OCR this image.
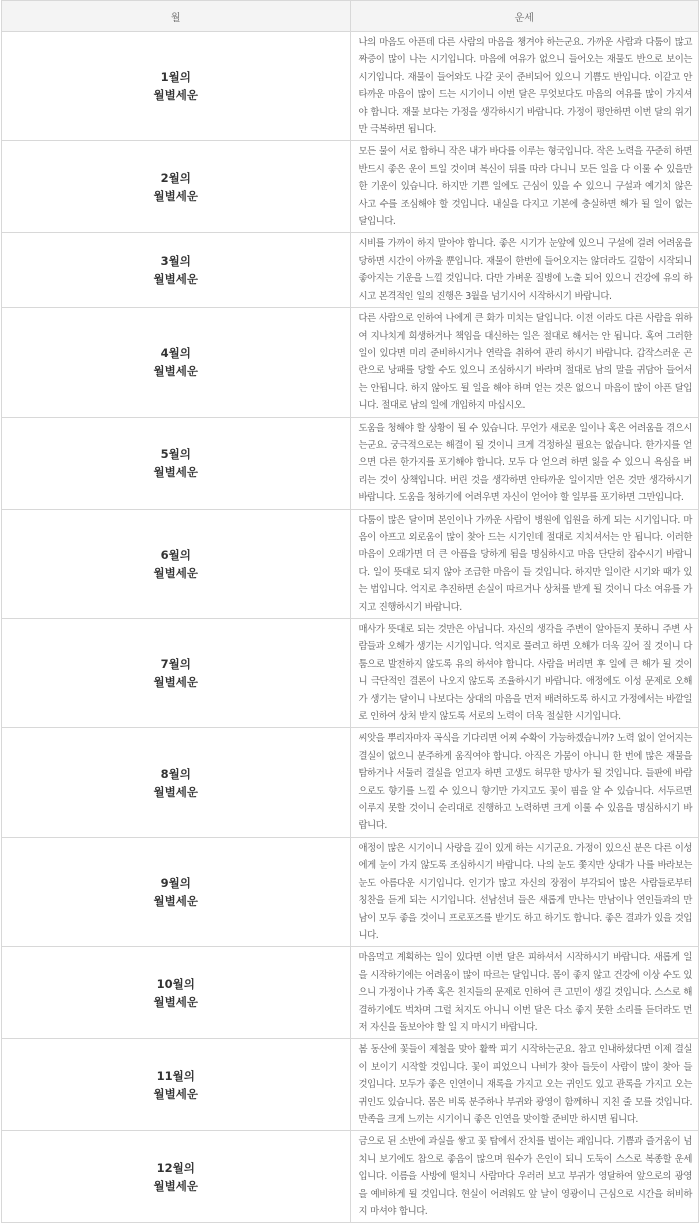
월	운세

1월의
월별세운	나의 마음도 아픈데 다른 사람의 마음을 챙겨야 하는군요. 가까운 사람과 다툼이 많고 짜증이 많이 나는 시기입니다. 마음에 여유가 없으니 들어오는 재물도 반으로 보이는 시기입니다. 재물이 들어와도 나갈 곳이 준비되어 있으니 기쁨도 반입니다. 이같고 안타까운 마음이 많이 드는 시기이니 이번 달은 무엇보다도 마음의 여유를 많이 가지셔야 합니다. 재물 보다는 가정을 생각하시기 바랍니다. 가정이 평안하면 이번 달의 위기만 극복하면 됩니다.

2월의
월별세운	모든 물이 서로 합하니 작은 내가 바다를 이루는 형국입니다. 작은 노력을 꾸준히 하면 반드시 좋은 운이 트일 것이며 복신이 뒤를 따라 다니니 모든 일을 다 이룰 수 있을만한 기운이 있습니다. 하지만 기쁜 일에도 근심이 있을 수 있으니 구설과 예기치 않은 사고 수를 조심해야 할 것입니다. 내실을 다지고 기본에 충실하면 해가 될 일이 없는 달입니다.

3월의
월별세운	시비를 가까이 하지 말아야 합니다. 좋은 시기가 눈앞에 있으니 구설에 걸려 어려움을 당하면 시간이 아까울 뿐입니다. 재물이 한번에 들어오지는 않더라도 길함이 시작되니 좋아지는 기운을 느낄 것입니다. 다만 가벼운 질병에 노출 되어 있으니 건강에 유의 하시고 본격적인 일의 진행은 3월을 넘기시어 시작하시기 바랍니다.

4월의
월별세운	다른 사람으로 인하여 나에게 큰 화가 미치는 달입니다. 이전 이라도 다른 사람을 위하여 지나치게 희생하거나 책임을 대신하는 일은 절대로 해서는 안 됩니다. 혹여 그러한 일이 있다면 미리 준비하시거나 연락을 취하여 관리 하시기 바랍니다. 갑작스러운 곤란으로 낭패를 당할 수도 있으니 조심하시기 바라며 절대로 남의 말을 귀담아 들어서는 안됩니다. 하지 않아도 될 일을 해야 하며 얻는 것은 없으니 마음이 많이 아픈 달입니다. 절대로 남의 일에 개입하지 마십시오.

5월의
월별세운	도움을 청해야 할 상황이 될 수 있습니다. 무언가 새로운 일이나 혹은 어려움을 겪으시는군요. 궁극적으로는 해결이 될 것이니 크게 걱정하실 필요는 없습니다. 한가지를 얻으면 다른 한가지를 포기해야 합니다. 모두 다 얻으려 하면 잃을 수 있으니 욕심을 버리는 것이 상책입니다. 버린 것을 생각하면 안타까운 일이지만 얻은 것만 생각하시기 바랍니다. 도움을 청하기에 어려우면 자신이 얻어야 할 일부를 포기하면 그만입니다.

6월의
월별세운	다툼이 많은 달이며 본인이나 가까운 사람이 병원에 입원을 하게 되는 시기입니다. 마음이 아프고 외로움이 많이 찾아 드는 시기인데 절대로 지치셔서는 안 됩니다. 이러한 마음이 오래가면 더 큰 아픔을 당하게 됨을 명심하시고 마음 단단히 잡수시기 바랍니다. 일이 뜻대로 되지 않아 조급한 마음이 들 것입니다. 하지만 일이란 시기와 때가 있는 법입니다. 억지로 추진하면 손실이 따르거나 상처를 받게 될 것이니 다소 여유를 가지고 진행하시기 바랍니다.

7월의
월별세운	매사가 뜻대로 되는 것만은 아닙니다. 자신의 생각을 주변이 알아듣지 못하니 주변 사람들과 오해가 생기는 시기입니다. 억지로 풀려고 하면 오해가 더욱 깊어 질 것이니 다툼으로 발전하지 않도록 유의 하셔야 합니다. 사람을 버리면 후 일에 큰 해가 될 것이니 극단적인 결론이 나오지 않도록 조율하시기 바랍니다. 애정에도 이성 문제로 오해가 생기는 달이니 나보다는 상대의 마음을 먼저 배려하도록 하시고 가정에서는 바깥일로 인하여 상처 받지 않도록 서로의 노력이 더욱 절실한 시기입니다.

8월의
월별세운	씨앗을 뿌리자마자 곡식을 기다리면 어찌 수확이 가능하겠습니까? 노력 없이 얻어지는 결실이 없으니 분주하게 움직여야 합니다. 아직은 가뭄이 아니니 한 번에 많은 재물을 탐하거나 서둘러 결실을 얻고자 하면 고생도 허무한 망사가 될 것입니다. 들판에 바람으로도 향기를 느낄 수 있으니 향기만 가지고도 꽃이 핌을 알 수 있습니다. 서두르면 이루지 못할 것이니 순리대로 진행하고 노력하면 크게 이룰 수 있음을 명심하시기 바랍니다.

9월의
월별세운	애정이 많은 시기이니 사랑을 깊이 있게 하는 시기군요. 가정이 있으신 분은 다른 이성에게 눈이 가지 않도록 조심하시기 바랍니다. 나의 눈도 쫓지만 상대가 나를 바라보는 눈도 아름다운 시기입니다. 인기가 많고 자신의 장점이 부각되어 많은 사람들로부터 칭찬을 듣게 되는 시기입니다. 선남선녀 들은 새롭게 만나는 만남이나 연인들과의 만남이 모두 좋을 것이니 프로포즈를 받기도 하고 하기도 합니다. 좋은 결과가 있을 것입니다.

10월의
월별세운	마음먹고 계획하는 일이 있다면 이번 달은 피하셔서 시작하시기 바랍니다. 새롭게 일을 시작하기에는 어려움이 많이 따르는 달입니다. 몸이 좋지 않고 건강에 이상 수도 있으니 가정이나 가족 혹은 친지들의 문제로 인하여 큰 고민이 생길 것입니다. 스스로 해결하기에도 벅차며 그럴 처지도 아니니 이번 달은 다소 좋지 못한 소리를 듣더라도 먼저 자신을 돌보아야 할 일 지 마시기 바랍니다.

11월의
월별세운	봄 동산에 꽃들이 제철을 맞아 활짝 피기 시작하는군요. 참고 인내하셨다면 이제 결실이 보이기 시작할 것입니다. 꽃이 피었으니 나비가 찾아 들듯이 사람이 많이 찾아 들 것입니다. 모두가 좋은 인연이니 재록을 가지고 오는 귀인도 있고 관록을 가지고 오는 귀인도 있습니다. 몸은 비록 분주하나 부귀와 광영이 함께하니 지친 줄 모를 것입니다. 만족을 크게 느끼는 시기이니 좋은 인연을 맞이할 준비만 하시면 됩니다.

12월의
월별세운	금으로 된 소반에 과실을 쌓고 꽃 탑에서 잔치를 벌이는 괘입니다. 기쁨과 즐거움이 넘치니 보기에도 참으로 좋음이 많으며 원수가 은인이 되니 도둑이 스스로 복종할 운세입니다. 이름을 사방에 떨치니 사람마다 우러러 보고 부귀가 영달하여 앞으로의 광영을 예비하게 될 것입니다. 현실이 어려워도 앞 날이 영광이니 근심으로 시간을 허비하지 마셔야 합니다.
